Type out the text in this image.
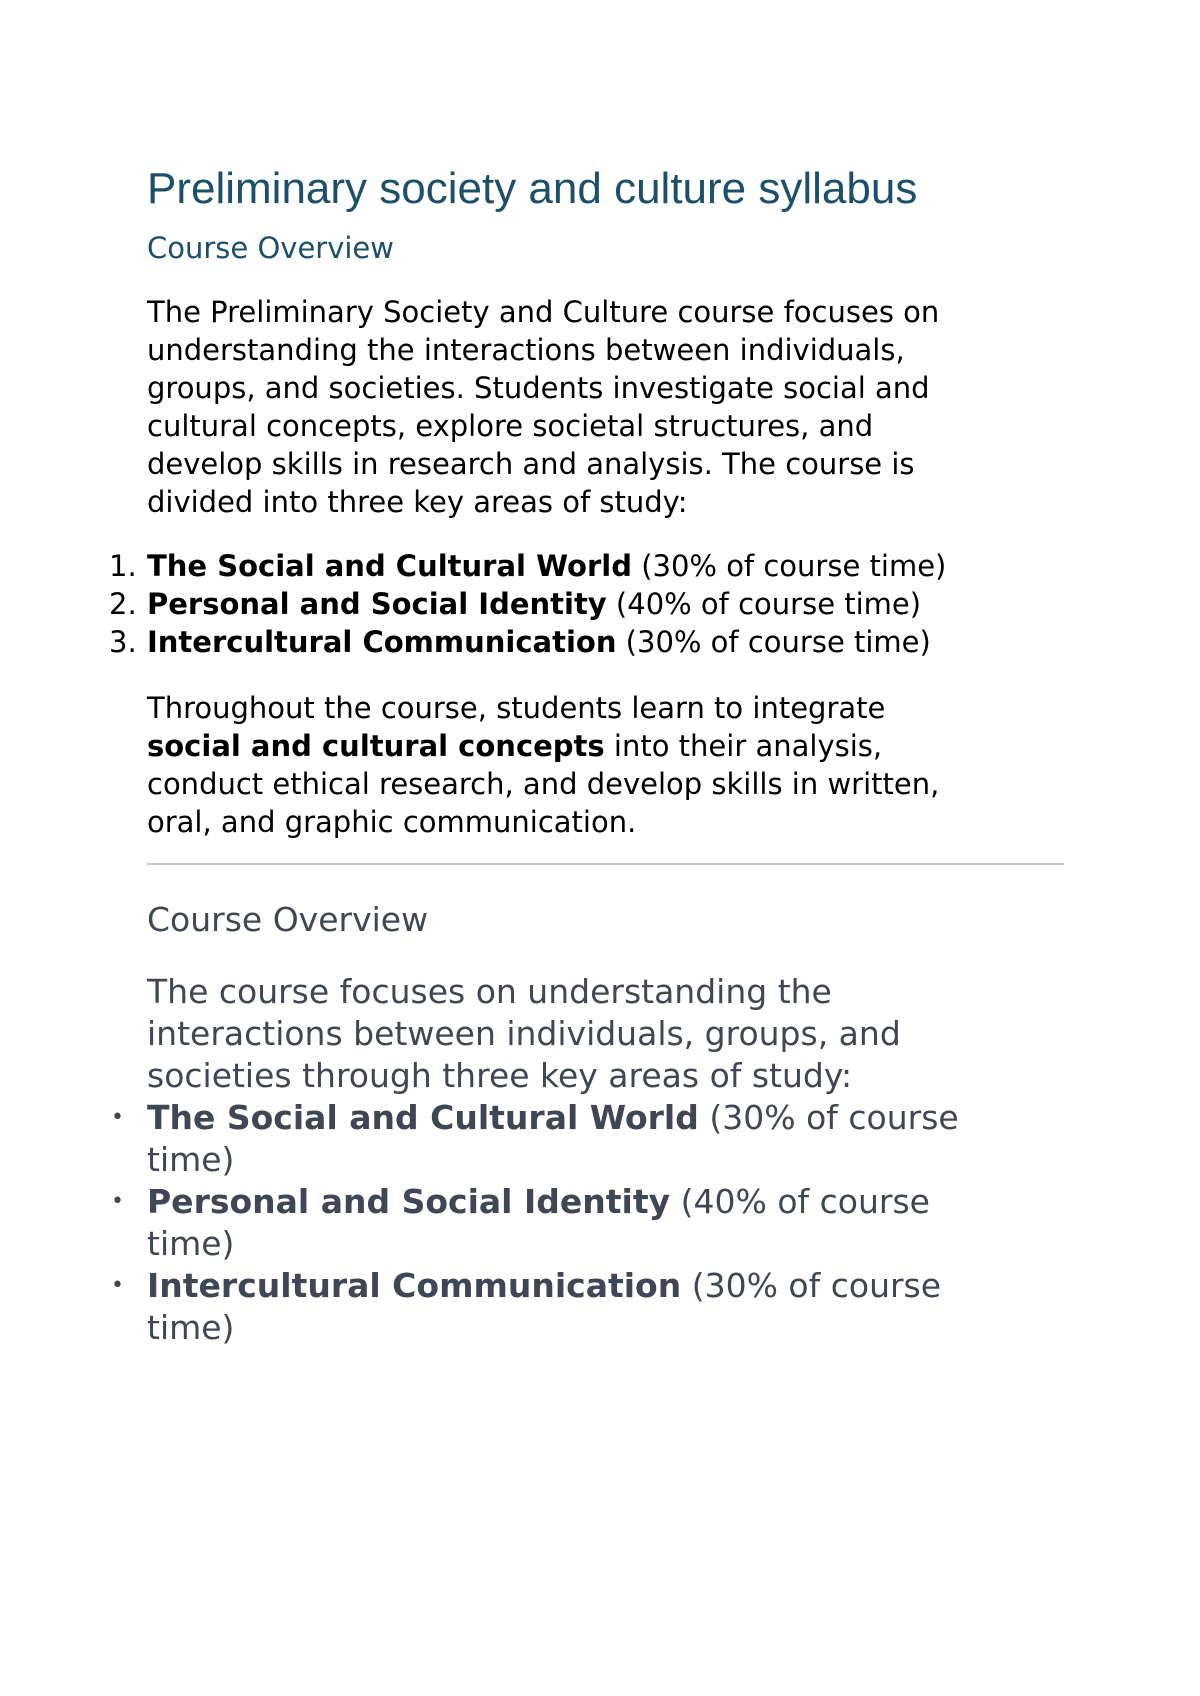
Preliminary society and culture syllabus
Course Overview

The Preliminary Society and Culture course focuses on
understanding the interactions between individuals,
groups, and societies. Students investigate social and
cultural concepts, explore societal structures, and
develop skills in research and analysis. The course is
divided into three key areas of study:

1. The Social and Cultural World (30% of course time)
2. Personal and Social Identity (40% of course time)
3. Intercultural Communication (30% of course time)

Throughout the course, students learn to integrate
social and cultural concepts into their analysis,
conduct ethical research, and develop skills in written,
oral, and graphic communication.

Course Overview

The course focuses on understanding the
interactions between individuals, groups, and
societies through three key areas of study:

• The Social and Cultural World (30% of course
time)
• Personal and Social Identity (40% of course
time)
• Intercultural Communication (30% of course
time)
